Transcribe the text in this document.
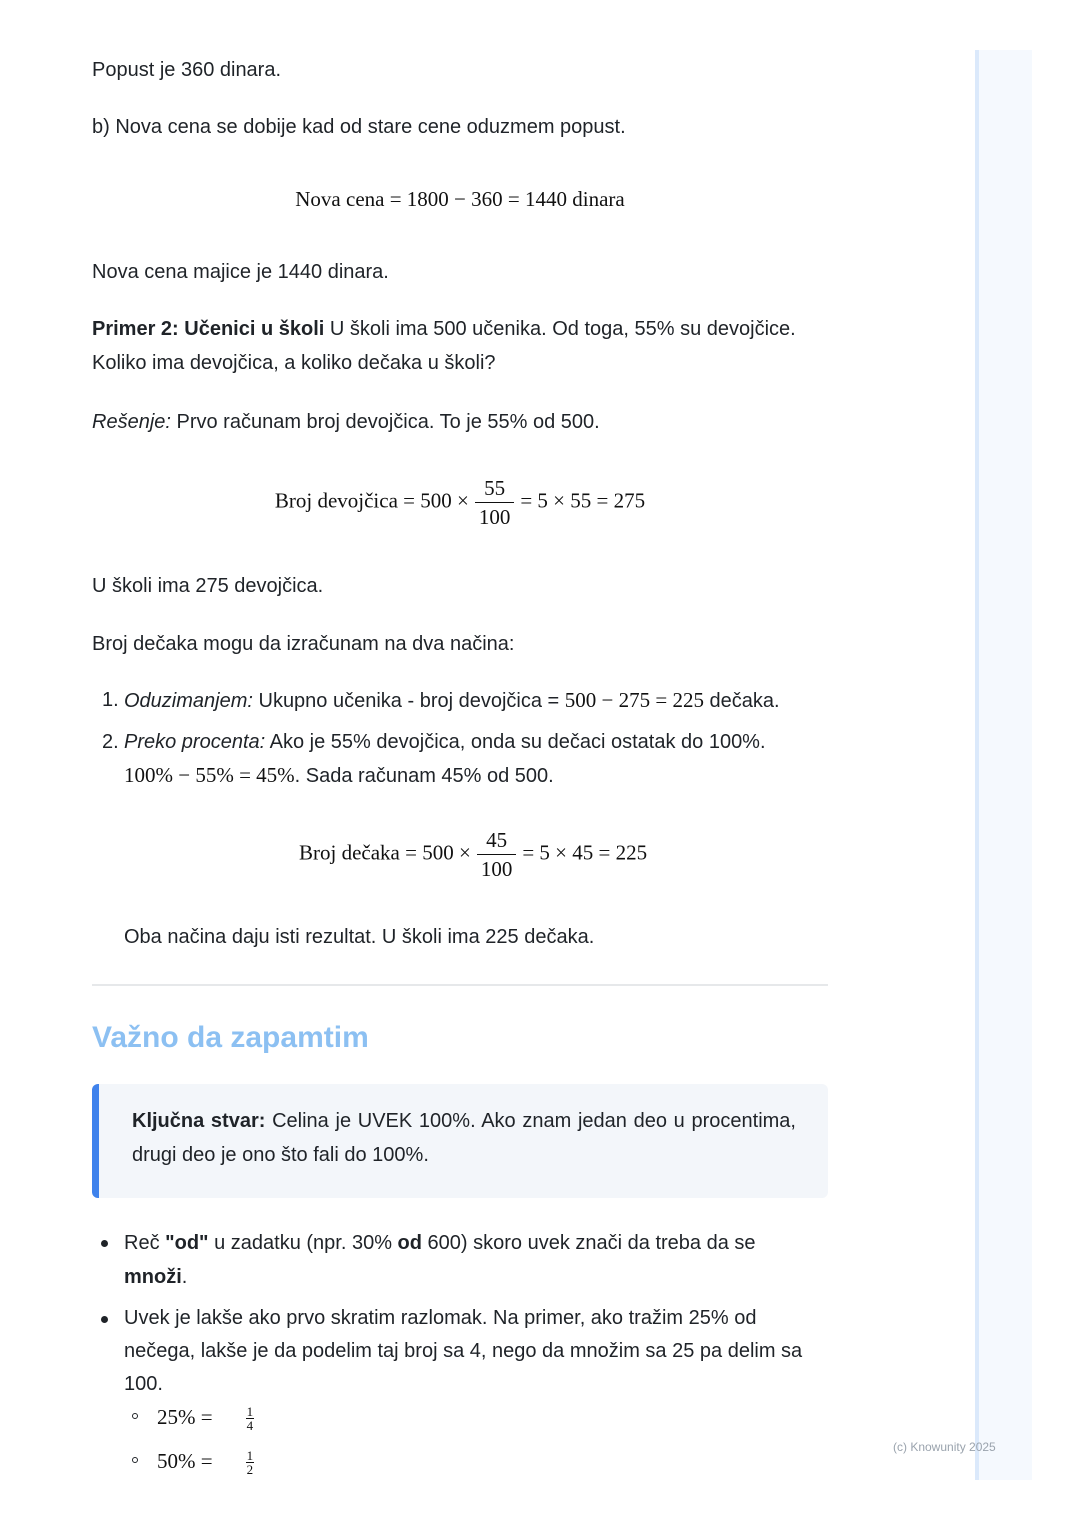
Popust je 360 dinara.

b) Nova cena se dobije kad od stare cene oduzmem popust.

Nova cena = 1800 − 360 = 1440 dinara

Nova cena majice je 1440 dinara.

Primer 2: Učenici u školi U školi ima 500 učenika. Od toga, 55% su devojčice. Koliko ima devojčica, a koliko dečaka u školi?

Rešenje: Prvo računam broj devojčica. To je 55% od 500.

Broj devojčica = $500 \times \frac{55}{100} = 5 \times 55 = 275$

U školi ima 275 devojčica.

Broj dečaka mogu da izračunam na dva načina:

1. Oduzimanjem: Ukupno učenika - broj devojčica = 500 − 275 = 225 dečaka.
2. Preko procenta: Ako je 55% devojčica, onda su dečaci ostatak do 100%.
100% − 55% = 45%. Sada računam 45% od 500.
Broj dečaka = $500 \times \frac{45}{100} = 5 \times 45 = 225$

Oba načina daju isti rezultat. U školi ima 225 dečaka.

Važno da zapamtim
Ključna stvar: Celina je UVEK 100%. Ako znam jedan deo u procentima, drugi deo je ono što fali do 100%.
Reč "od" u zadatku (npr. 30% od 600) skoro uvek znači da treba da se
množi.
Uvek je lakše ako prvo skratim razlomak. Na primer, ako tražim 25% od nečega, lakše je da podelim taj broj sa 4, nego da množim sa 25 pa delim sa 100.
25% =	$\frac{1}{4}$
50% =	$\frac{1}{2}$
(c) Knowunity 2025
